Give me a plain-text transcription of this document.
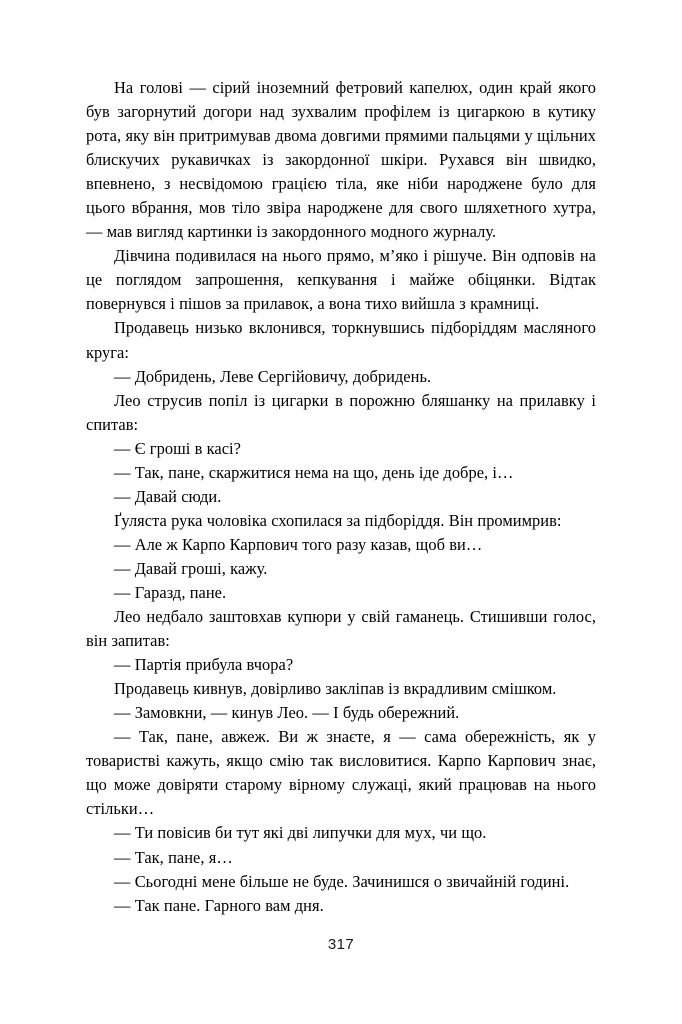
На голові — сірий іноземний фетровий капелюх, один край якого був загорнутий догори над зухвалим профілем із цигаркою в кутику рота, яку він притримував двома довгими прямими пальцями у щільних блискучих рукавичках із закордонної шкіри. Рухався він швидко, впевнено, з несвідомою грацією тіла, яке ніби народжене було для цього вбрання, мов тіло звіра народжене для свого шляхетного хутра, — мав вигляд картинки із закордонного модного журналу.

Дівчина подивилася на нього прямо, м’яко і рішуче. Він одповів на це поглядом запрошення, кепкування і майже обіцянки. Відтак повернувся і пішов за прилавок, а вона тихо вийшла з крамниці.

Продавець низько вклонився, торкнувшись підборіддям масляного круга:

— Добридень, Леве Сергійовичу, добридень.

Лео струсив попіл із цигарки в порожню бляшанку на прилавку і спитав:

— Є гроші в касі?

— Так, пане, скаржитися нема на що, день іде добре, і…

— Давай сюди.

Ґуляста рука чоловіка схопилася за підборіддя. Він промимрив:

— Але ж Карпо Карпович того разу казав, щоб ви…

— Давай гроші, кажу.

— Гаразд, пане.

Лео недбало заштовхав купюри у свій гаманець. Стишивши голос, він запитав:

— Партія прибула вчора?

Продавець кивнув, довірливо закліпав із вкрадливим смішком.

— Замовкни, — кинув Лео. — І будь обережний.

— Так, пане, авжеж. Ви ж знаєте, я — сама обережність, як у товаристві кажуть, якщо смію так висловитися. Карпо Карпович знає, що може довіряти старому вірному служаці, який працював на нього стільки…

— Ти повісив би тут які дві липучки для мух, чи що.

— Так, пане, я…

— Сьогодні мене більше не буде. Зачинишся о звичайній годині.

— Так пане. Гарного вам дня.

317
